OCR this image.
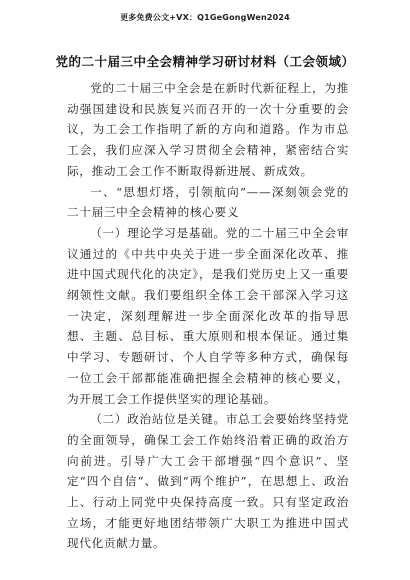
更多免费公文+VX：Q1GeGongWen2024
党的二十届三中全会精神学习研讨材料（工会领域）

党的二十届三中全会是在新时代新征程上，为推动强国建设和民族复兴而召开的一次十分重要的会议，为工会工作指明了新的方向和道路。作为市总工会，我们应深入学习贯彻全会精神，紧密结合实际，推动工会工作不断取得新进展、新成效。

一、“思想灯塔，引领航向”——深刻领会党的二十届三中全会精神的核心要义

（一）理论学习是基础。党的二十届三中全会审议通过的《中共中央关于进一步全面深化改革、推进中国式现代化的决定》，是我们党历史上又一重要纲领性文献。我们要组织全体工会干部深入学习这一决定，深刻理解进一步全面深化改革的指导思想、主题、总目标、重大原则和根本保证。通过集中学习、专题研讨、个人自学等多种方式，确保每一位工会干部都能准确把握全会精神的核心要义，为开展工会工作提供坚实的理论基础。

（二）政治站位是关键。市总工会要始终坚持党的全面领导，确保工会工作始终沿着正确的政治方向前进。引导广大工会干部增强“四个意识”、坚定“四个自信”、做到“两个维护”，在思想上、政治上、行动上同党中央保持高度一致。只有坚定政治立场，才能更好地团结带领广大职工为推进中国式现代化贡献力量。
